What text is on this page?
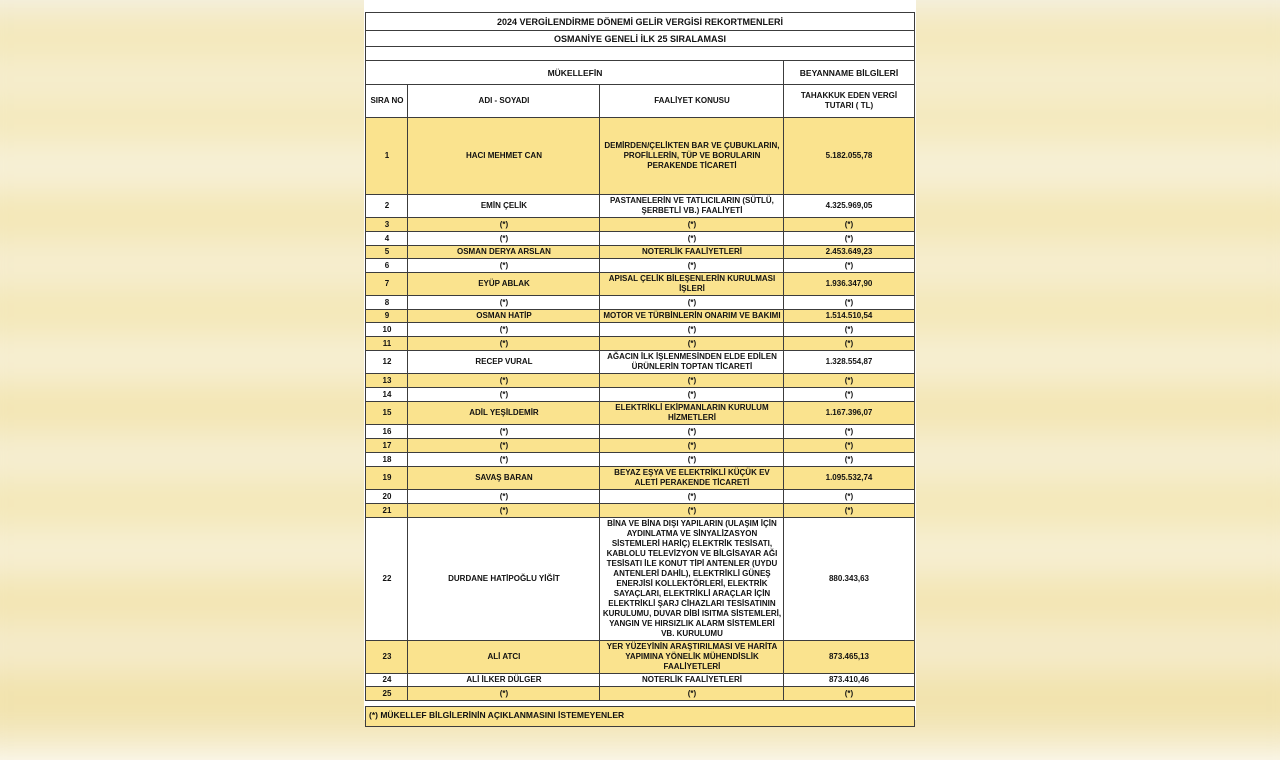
2024 VERGİLENDİRME DÖNEMİ GELİR VERGİSİ REKORTMENLERİ			
OSMANİYE GENELİ İLK 25 SIRALAMASI			

MÜKELLEFİN			BEYANNAME BİLGİLERİ
SIRA NO	ADI - SOYADI	FAALİYET KONUSU	TAHAKKUK EDEN VERGİ TUTARI ( TL)
1	HACI MEHMET CAN	DEMİRDEN/ÇELİKTEN BAR VE ÇUBUKLARIN, PROFİLLERİN, TÜP VE BORULARIN PERAKENDE TİCARETİ	5.182.055,78
2	EMİN ÇELİK	PASTANELERİN VE TATLICILARIN (SÜTLÜ, ŞERBETLİ VB.) FAALİYETİ	4.325.969,05
3	(*)	(*)	(*)
4	(*)	(*)	(*)
5	OSMAN DERYA ARSLAN	NOTERLİK FAALİYETLERİ	2.453.649,23
6	(*)	(*)	(*)
7	EYÜP ABLAK	APISAL ÇELİK BİLEŞENLERİN KURULMASI İŞLERİ	1.936.347,90
8	(*)	(*)	(*)
9	OSMAN HATİP	MOTOR VE TÜRBİNLERİN ONARIM VE BAKIMI	1.514.510,54
10	(*)	(*)	(*)
11	(*)	(*)	(*)
12	RECEP VURAL	AĞACIN İLK İŞLENMESİNDEN ELDE EDİLEN ÜRÜNLERİN TOPTAN TİCARETİ	1.328.554,87
13	(*)	(*)	(*)
14	(*)	(*)	(*)
15	ADİL YEŞİLDEMİR	ELEKTRİKLİ EKİPMANLARIN KURULUM HİZMETLERİ	1.167.396,07
16	(*)	(*)	(*)
17	(*)	(*)	(*)
18	(*)	(*)	(*)
19	SAVAŞ BARAN	BEYAZ EŞYA VE ELEKTRİKLİ KÜÇÜK EV ALETİ PERAKENDE TİCARETİ	1.095.532,74
20	(*)	(*)	(*)
21	(*)	(*)	(*)
22	DURDANE HATİPOĞLU YİĞİT	BİNA VE BİNA DIŞI YAPILARIN (ULAŞIM İÇİN AYDINLATMA VE SİNYALİZASYON SİSTEMLERİ HARİÇ) ELEKTRİK TESİSATI, KABLOLU TELEVİZYON VE BİLGİSAYAR AĞI TESİSATI İLE KONUT TİPİ ANTENLER (UYDU ANTENLERİ DAHİL), ELEKTRİKLİ GÜNEŞ ENERJİSİ KOLLEKTÖRLERİ, ELEKTRİK SAYAÇLARI, ELEKTRİKLİ ARAÇLAR İÇİN ELEKTRİKLİ ŞARJ CİHAZLARI TESİSATININ KURULUMU, DUVAR DİBİ ISITMA SİSTEMLERİ, YANGIN VE HIRSIZLIK ALARM SİSTEMLERİ VB. KURULUMU	880.343,63
23	ALİ ATCI	YER YÜZEYİNİN ARAŞTIRILMASI VE HARİTA YAPIMINA YÖNELİK MÜHENDİSLİK FAALİYETLERİ	873.465,13
24	ALİ İLKER DÜLGER	NOTERLİK FAALİYETLERİ	873.410,46
25	(*)	(*)	(*)
(*) MÜKELLEF BİLGİLERİNİN AÇIKLANMASINI İSTEMEYENLER
